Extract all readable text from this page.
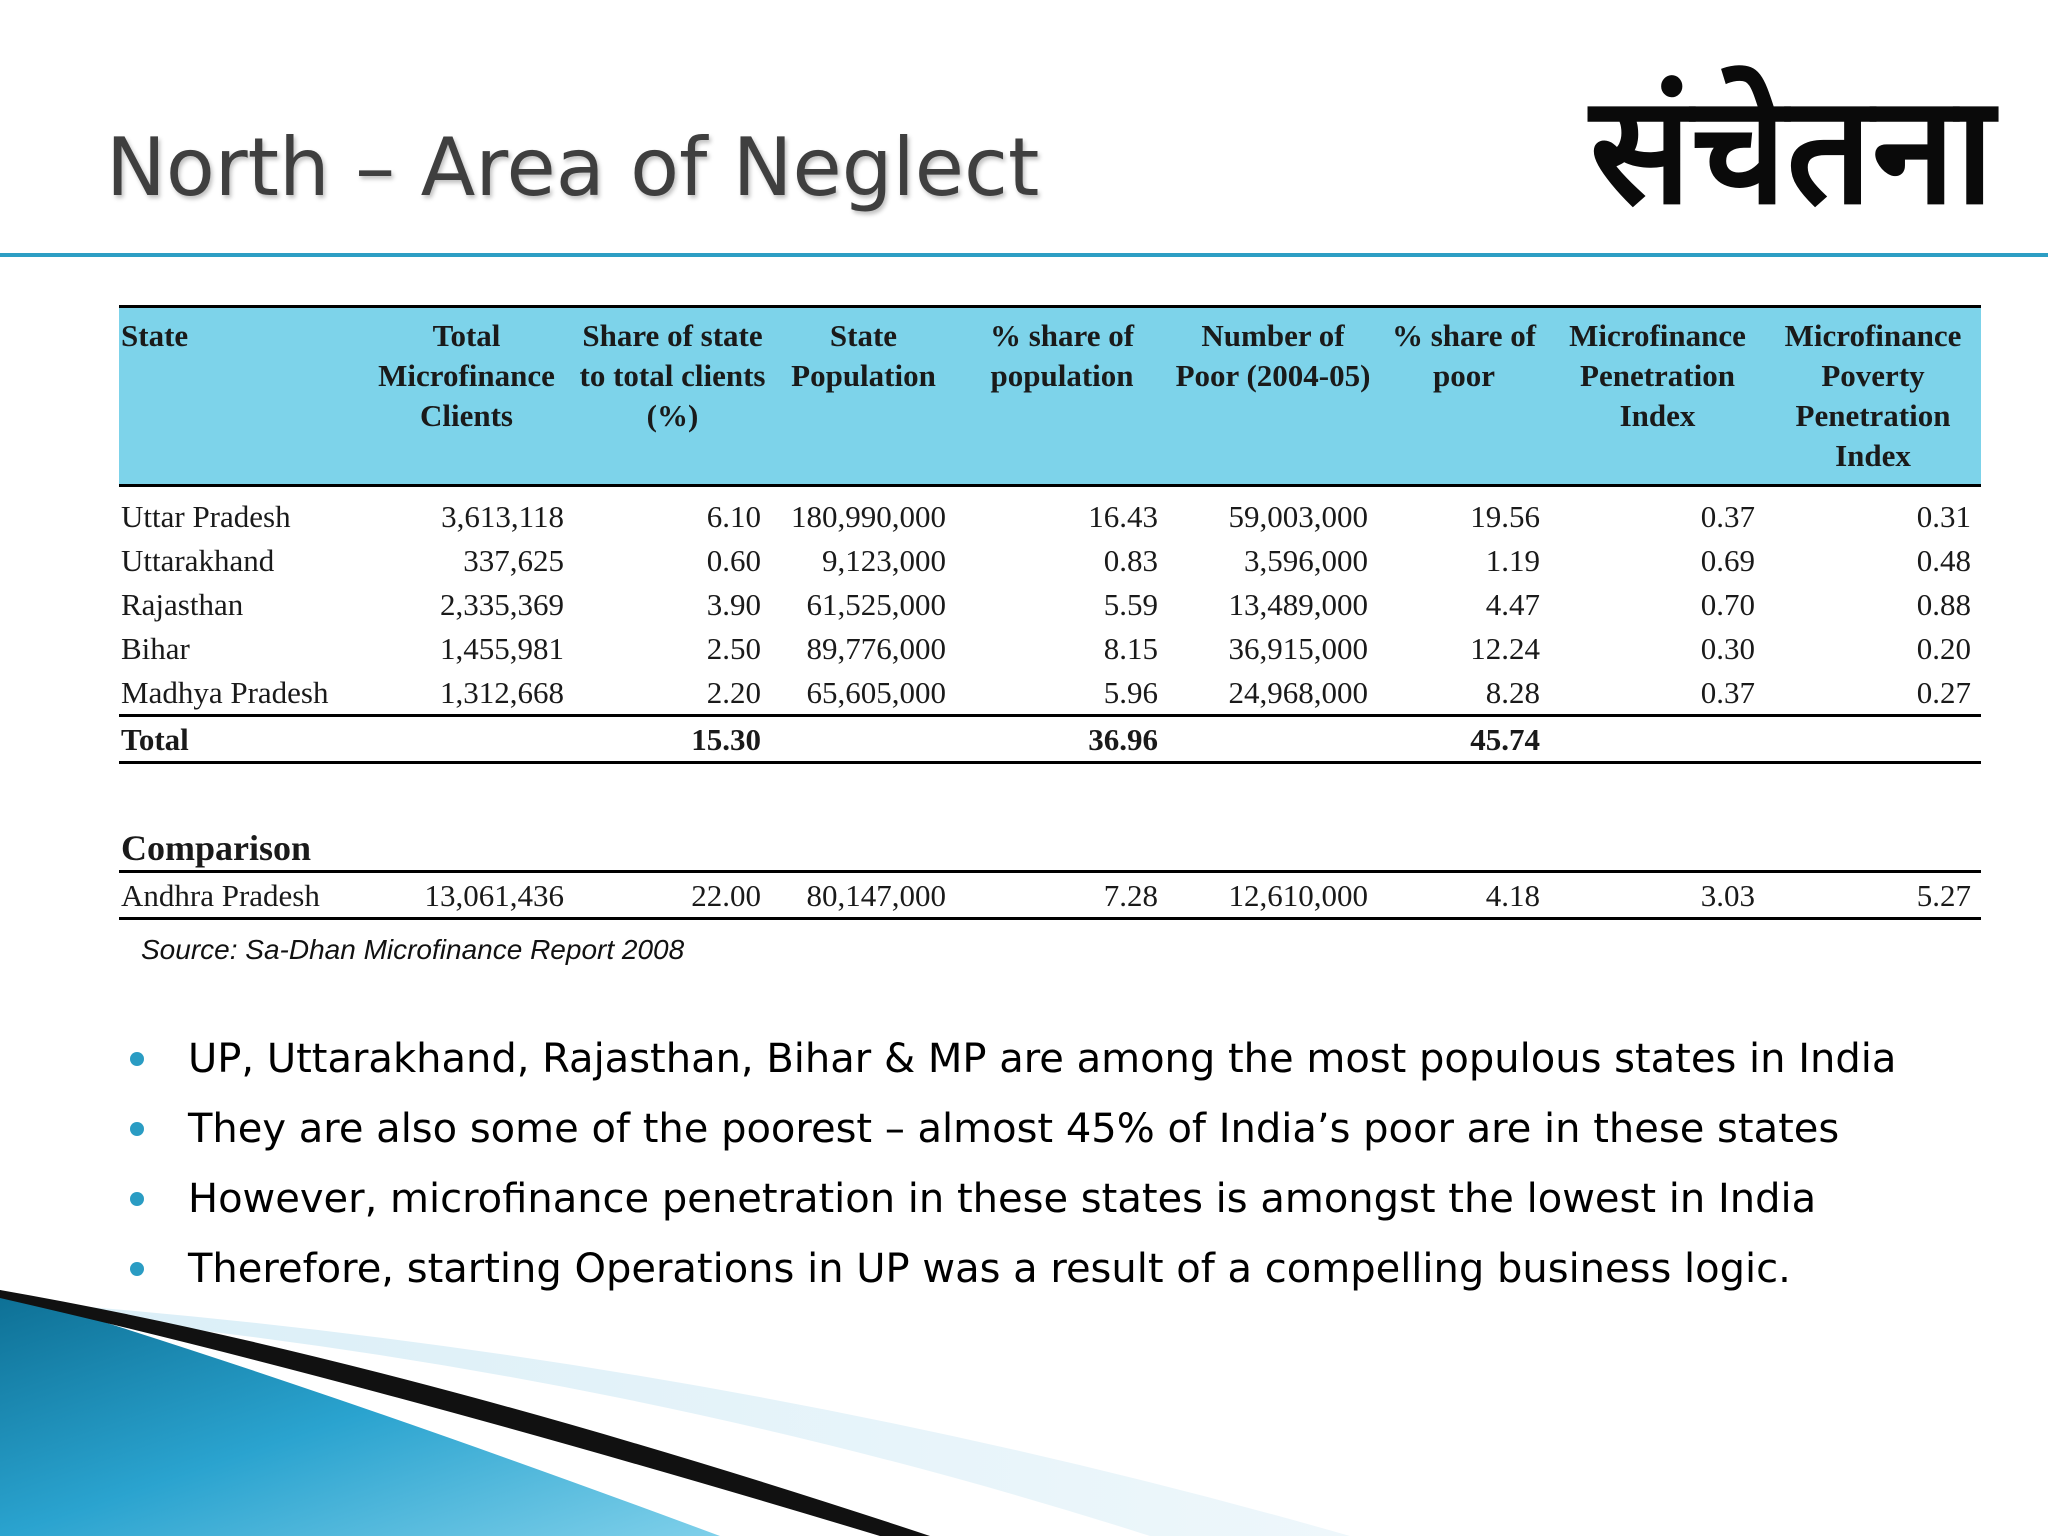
North – Area of Neglect	संचेतना
State	Total Microfinance Clients	Share of state to total clients (%)	State Population	% share of population	Number of Poor (2004-05)	% share of poor	Microfinance Penetration Index	Microfinance Poverty Penetration Index
Uttar Pradesh	3,613,118	6.10	180,990,000	16.43	59,003,000	19.56	0.37	0.31
Uttarakhand	337,625	0.60	9,123,000	0.83	3,596,000	1.19	0.69	0.48
Rajasthan	2,335,369	3.90	61,525,000	5.59	13,489,000	4.47	0.70	0.88
Bihar	1,455,981	2.50	89,776,000	8.15	36,915,000	12.24	0.30	0.20
Madhya Pradesh	1,312,668	2.20	65,605,000	5.96	24,968,000	8.28	0.37	0.27
Total		15.30		36.96		45.74		

Comparison								
Andhra Pradesh	13,061,436	22.00	80,147,000	7.28	12,610,000	4.18	3.03	5.27
Source: Sa-Dhan Microfinance Report 2008
UP, Uttarakhand, Rajasthan, Bihar & MP are among the most populous states in India
They are also some of the poorest – almost 45% of India’s poor are in these states
However, microfinance penetration in these states is amongst the lowest in India
Therefore, starting Operations in UP was a result of a compelling business logic.
